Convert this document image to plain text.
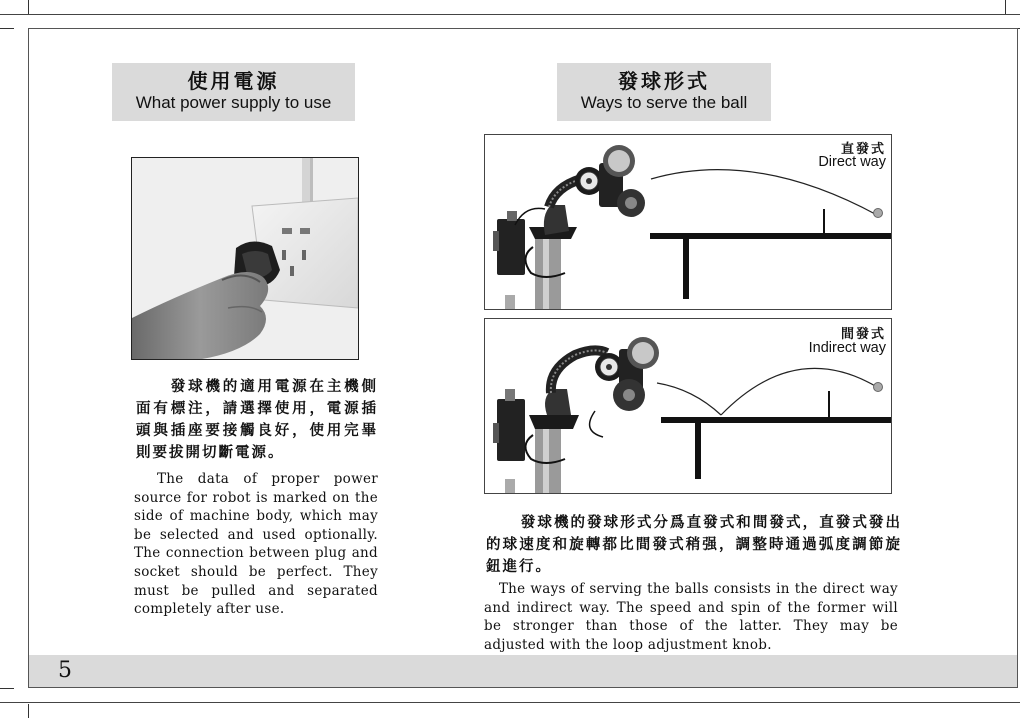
使用電源
What power supply to use
發球機的適用電源在主機側面有標注，請選擇使用，電源插頭與插座要接觸良好，使用完畢則要拔開切斷電源。
The data of proper power source for robot is marked on the side of machine body, which may be selected and used optionally. The connection between plug and socket should be perfect. They must be pulled and separated completely after use.
發球形式
Ways to serve the ball
直發式
Direct way
間發式
Indirect way
發球機的發球形式分爲直發式和間發式，直發式發出的球速度和旋轉都比間發式稍强，調整時通過弧度調節旋鈕進行。
The ways of serving the balls consists in the direct way and indirect way. The speed and spin of the former will be stronger than those of the latter. They may be adjusted with the loop adjustment knob.
5
